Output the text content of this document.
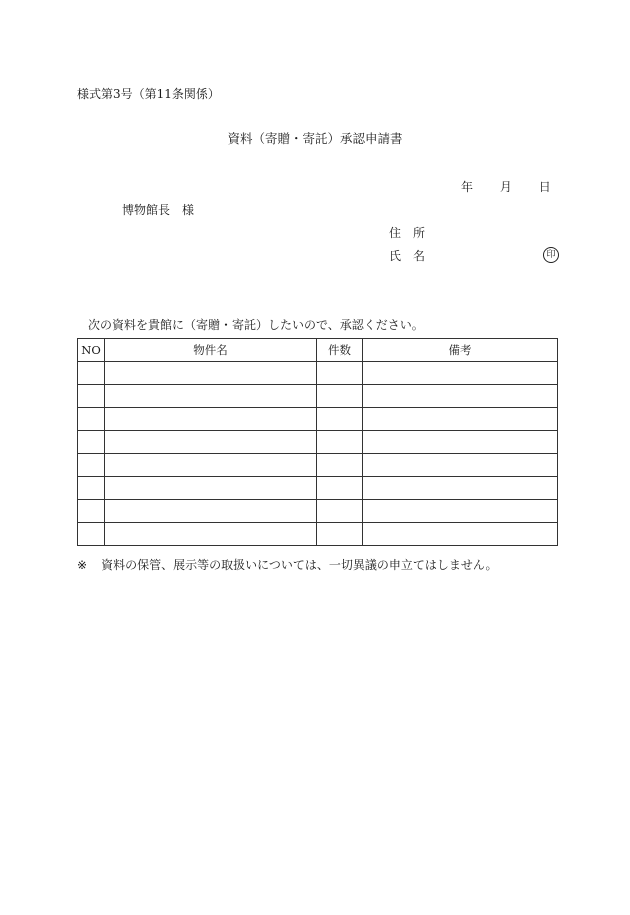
様式第3号（第11条関係）
資料（寄贈・寄託）承認申請書
年 月 日
博物館長 様
住　所
氏　名	印
次の資料を貴館に（寄贈・寄託）したいので、承認ください。
NO	物件名	件数	備考

※ 資料の保管、展示等の取扱いについては、一切異議の申立てはしません。
